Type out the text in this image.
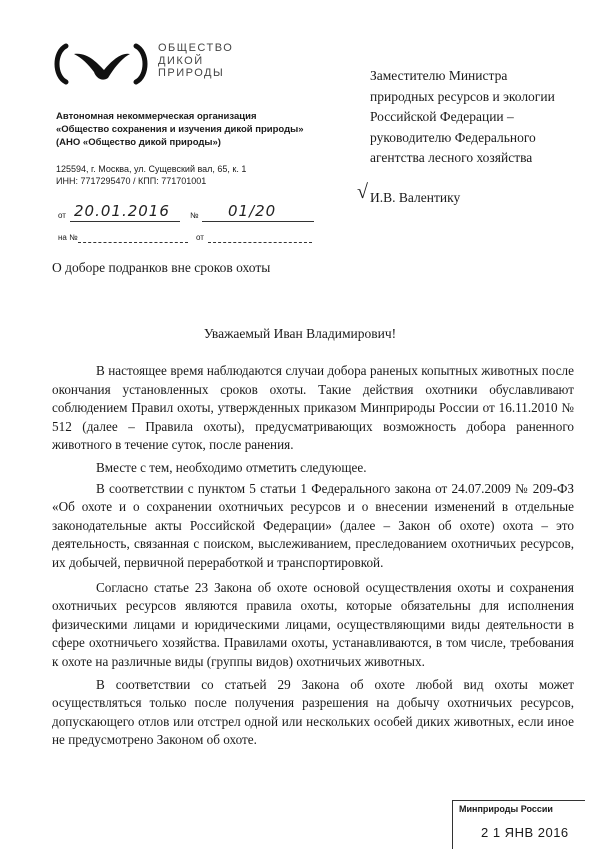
ОБЩЕСТВО
ДИКОЙ
ПРИРОДЫ
Автономная некоммерческая организация
«Общество сохранения и изучения дикой природы»
(АНО «Общество дикой природы»)
125594, г. Москва, ул. Сущевский вал, 65, к. 1
ИНН: 7717295470 / КПП: 771701001
от 20.01.2016	№ 01/20
на №	от
Заместителю Министра
природных ресурсов и экологии
Российской Федерации –
руководителю Федерального
агентства лесного хозяйства
√ И.В. Валентику
О доборе подранков вне сроков охоты
Уважаемый Иван Владимирович!

В настоящее время наблюдаются случаи добора раненых копытных животных после окончания установленных сроков охоты. Такие действия охотники обуславливают соблюдением Правил охоты, утвержденных приказом Минприроды России от 16.11.2010 № 512 (далее – Правила охоты), предусматривающих возможность добора раненного животного в течение суток, после ранения.

Вместе с тем, необходимо отметить следующее.

В соответствии с пунктом 5 статьи 1 Федерального закона от 24.07.2009 № 209-ФЗ «Об охоте и о сохранении охотничьих ресурсов и о внесении изменений в отдельные законодательные акты Российской Федерации» (далее – Закон об охоте) охота – это деятельность, связанная с поиском, выслеживанием, преследованием охотничьих ресурсов, их добычей, первичной переработкой и транспортировкой.

Согласно статье 23 Закона об охоте основой осуществления охоты и сохранения охотничьих ресурсов являются правила охоты, которые обязательны для исполнения физическими лицами и юридическими лицами, осуществляющими виды деятельности в сфере охотничьего хозяйства. Правилами охоты, устанавливаются, в том числе, требования к охоте на различные виды (группы видов) охотничьих животных.

В соответствии со статьей 29 Закона об охоте любой вид охоты может осуществляться только после получения разрешения на добычу охотничьих ресурсов, допускающего отлов или отстрел одной или нескольких особей диких животных, если иное не предусмотрено Законом об охоте.

Минприроды России
2 1 ЯНВ 2016
